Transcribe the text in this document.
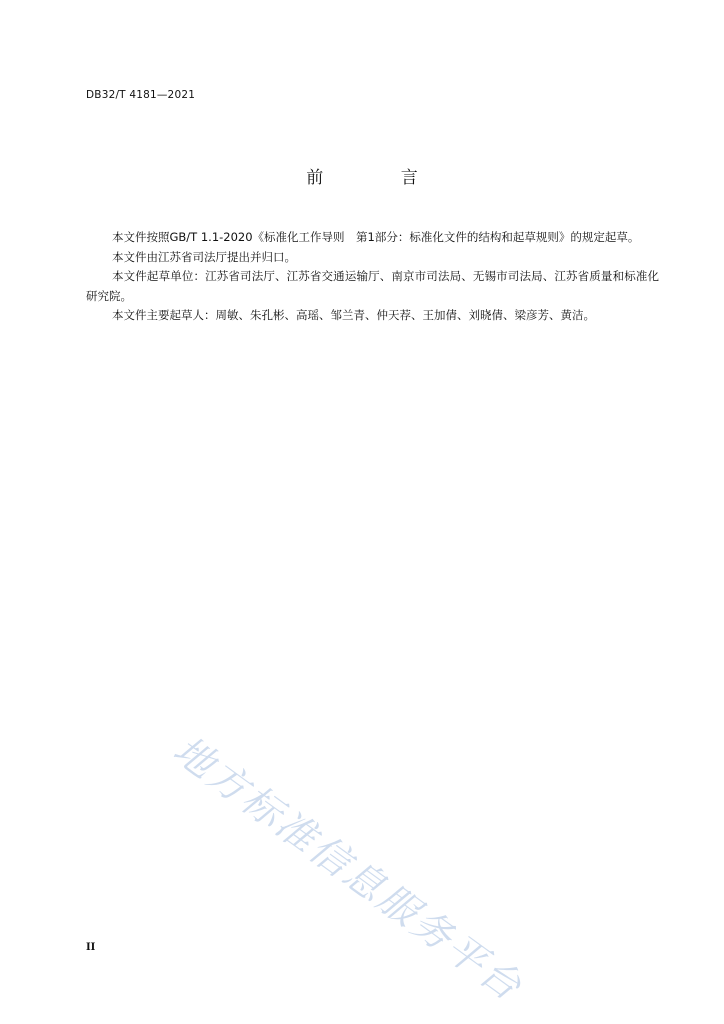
DB32/T 4181—2021
前 言

本文件按照GB/T 1.1-2020《标准化工作导则　第1部分：标准化文件的结构和起草规则》的规定起草。

本文件由江苏省司法厅提出并归口。

本文件起草单位：江苏省司法厅、江苏省交通运输厅、南京市司法局、无锡市司法局、江苏省质量和标准化研究院。

本文件主要起草人：周敏、朱孔彬、高瑶、邹兰青、仲天荐、王加倩、刘晓倩、梁彦芳、黄洁。

地方标准信息服务平台
II
